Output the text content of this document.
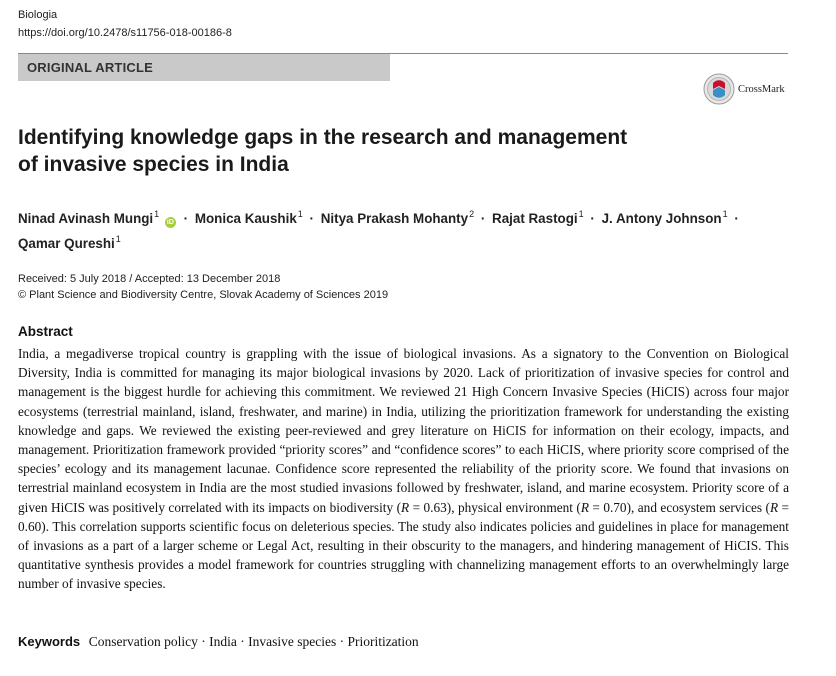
Biologia
https://doi.org/10.2478/s11756-018-00186-8
ORIGINAL ARTICLE
CrossMark
Identifying knowledge gaps in the research and management
of invasive species in India
Ninad Avinash Mungi$^1$ iD · Monica Kaushik$^1$ · Nitya Prakash Mohanty$^2$ · Rajat Rastogi$^1$ · J. Antony Johnson$^1$ ·
Qamar Qureshi$^1$
Received: 5 July 2018 / Accepted: 13 December 2018
© Plant Science and Biodiversity Centre, Slovak Academy of Sciences 2019
Abstract

India, a megadiverse tropical country is grappling with the issue of biological invasions. As a signatory to the Convention on Biological Diversity, India is committed for managing its major biological invasions by 2020. Lack of prioritization of invasive species for control and management is the biggest hurdle for achieving this commitment. We reviewed 21 High Concern Invasive Species (HiCIS) across four major ecosystems (terrestrial mainland, island, freshwater, and marine) in India, utilizing the prioritization framework for understanding the existing knowledge and gaps. We reviewed the existing peer-reviewed and grey literature on HiCIS for information on their ecology, impacts, and management. Prioritization framework provided “priority scores” and “confidence scores” to each HiCIS, where priority score comprised of the species’ ecology and its management lacunae. Confidence score represented the reliability of the priority score. We found that invasions on terrestrial mainland ecosystem in India are the most studied invasions followed by freshwater, island, and marine ecosystem. Priority score of a given HiCIS was positively correlated with its impacts on biodiversity (R = 0.63), physical environment (R = 0.70), and ecosystem services (R = 0.60). This correlation supports scientific focus on deleterious species. The study also indicates policies and guidelines in place for management of invasions as a part of a larger scheme or Legal Act, resulting in their obscurity to the managers, and hindering management of HiCIS. This quantitative synthesis provides a model framework for countries struggling with channelizing management efforts to an overwhelmingly large number of invasive species.

Keywords Conservation policy · India · Invasive species · Prioritization
